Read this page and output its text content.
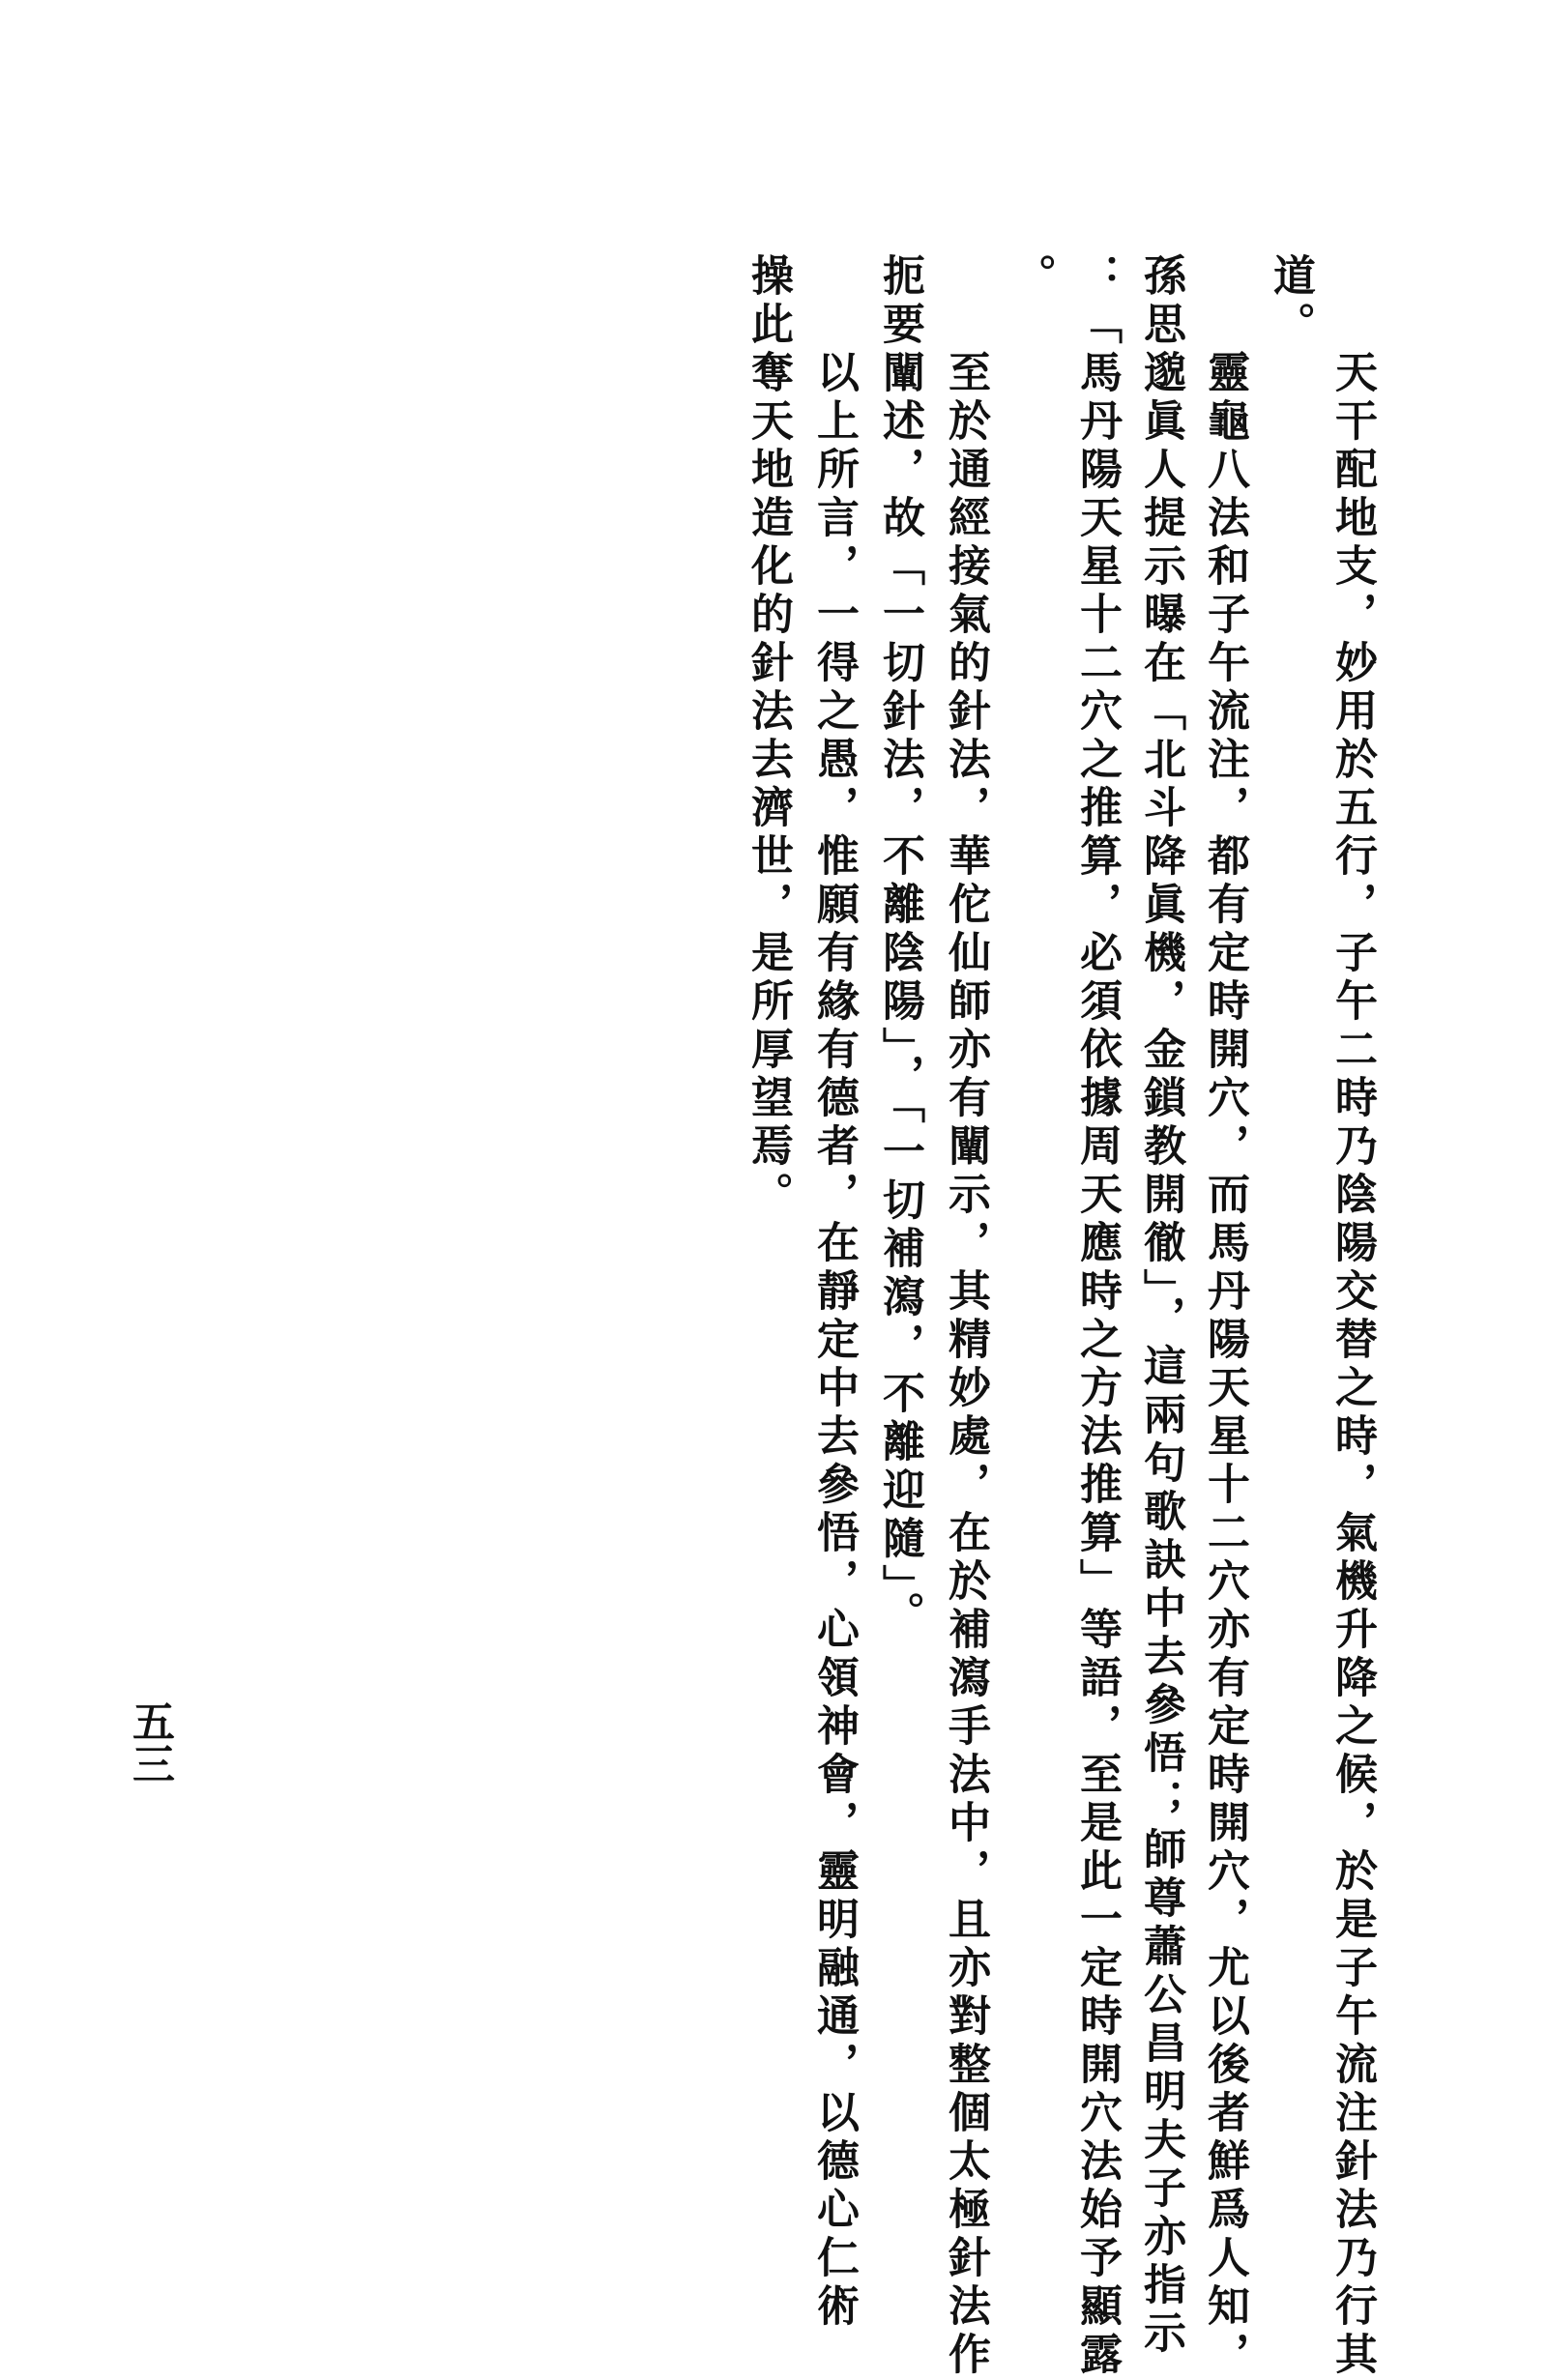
天干配地支，妙用於五行，子午二時乃陰陽交替之時，氣機升降之候，於是子午流注針法乃行其
道。
靈龜八法和子午流注，都有定時開穴，而馬丹陽天星十二穴亦有定時開穴，尤以後者鮮爲人知，
孫思邈眞人提示曝在「北斗降眞機，金鎖教開徹」，這兩句歌訣中去參悟；師尊蕭公昌明夫子亦指示
：「馬丹陽天星十二穴之推算，必須依據周天應時之方法推算」等語，至是此一定時開穴法始予顯露
。
至於通經接氣的針法，華佗仙師亦有闡示，其精妙處，在於補瀉手法中，且亦對整個太極針法作
扼要闡述，故「一切針法，不離陰陽」，「一切補瀉，不離迎隨」。
以上所言，一得之愚，惟願有緣有德者，在靜定中去參悟，心領神會，靈明融通，以德心仁術
操此奪天地造化的針法去濟世，是所厚望焉。
五三
